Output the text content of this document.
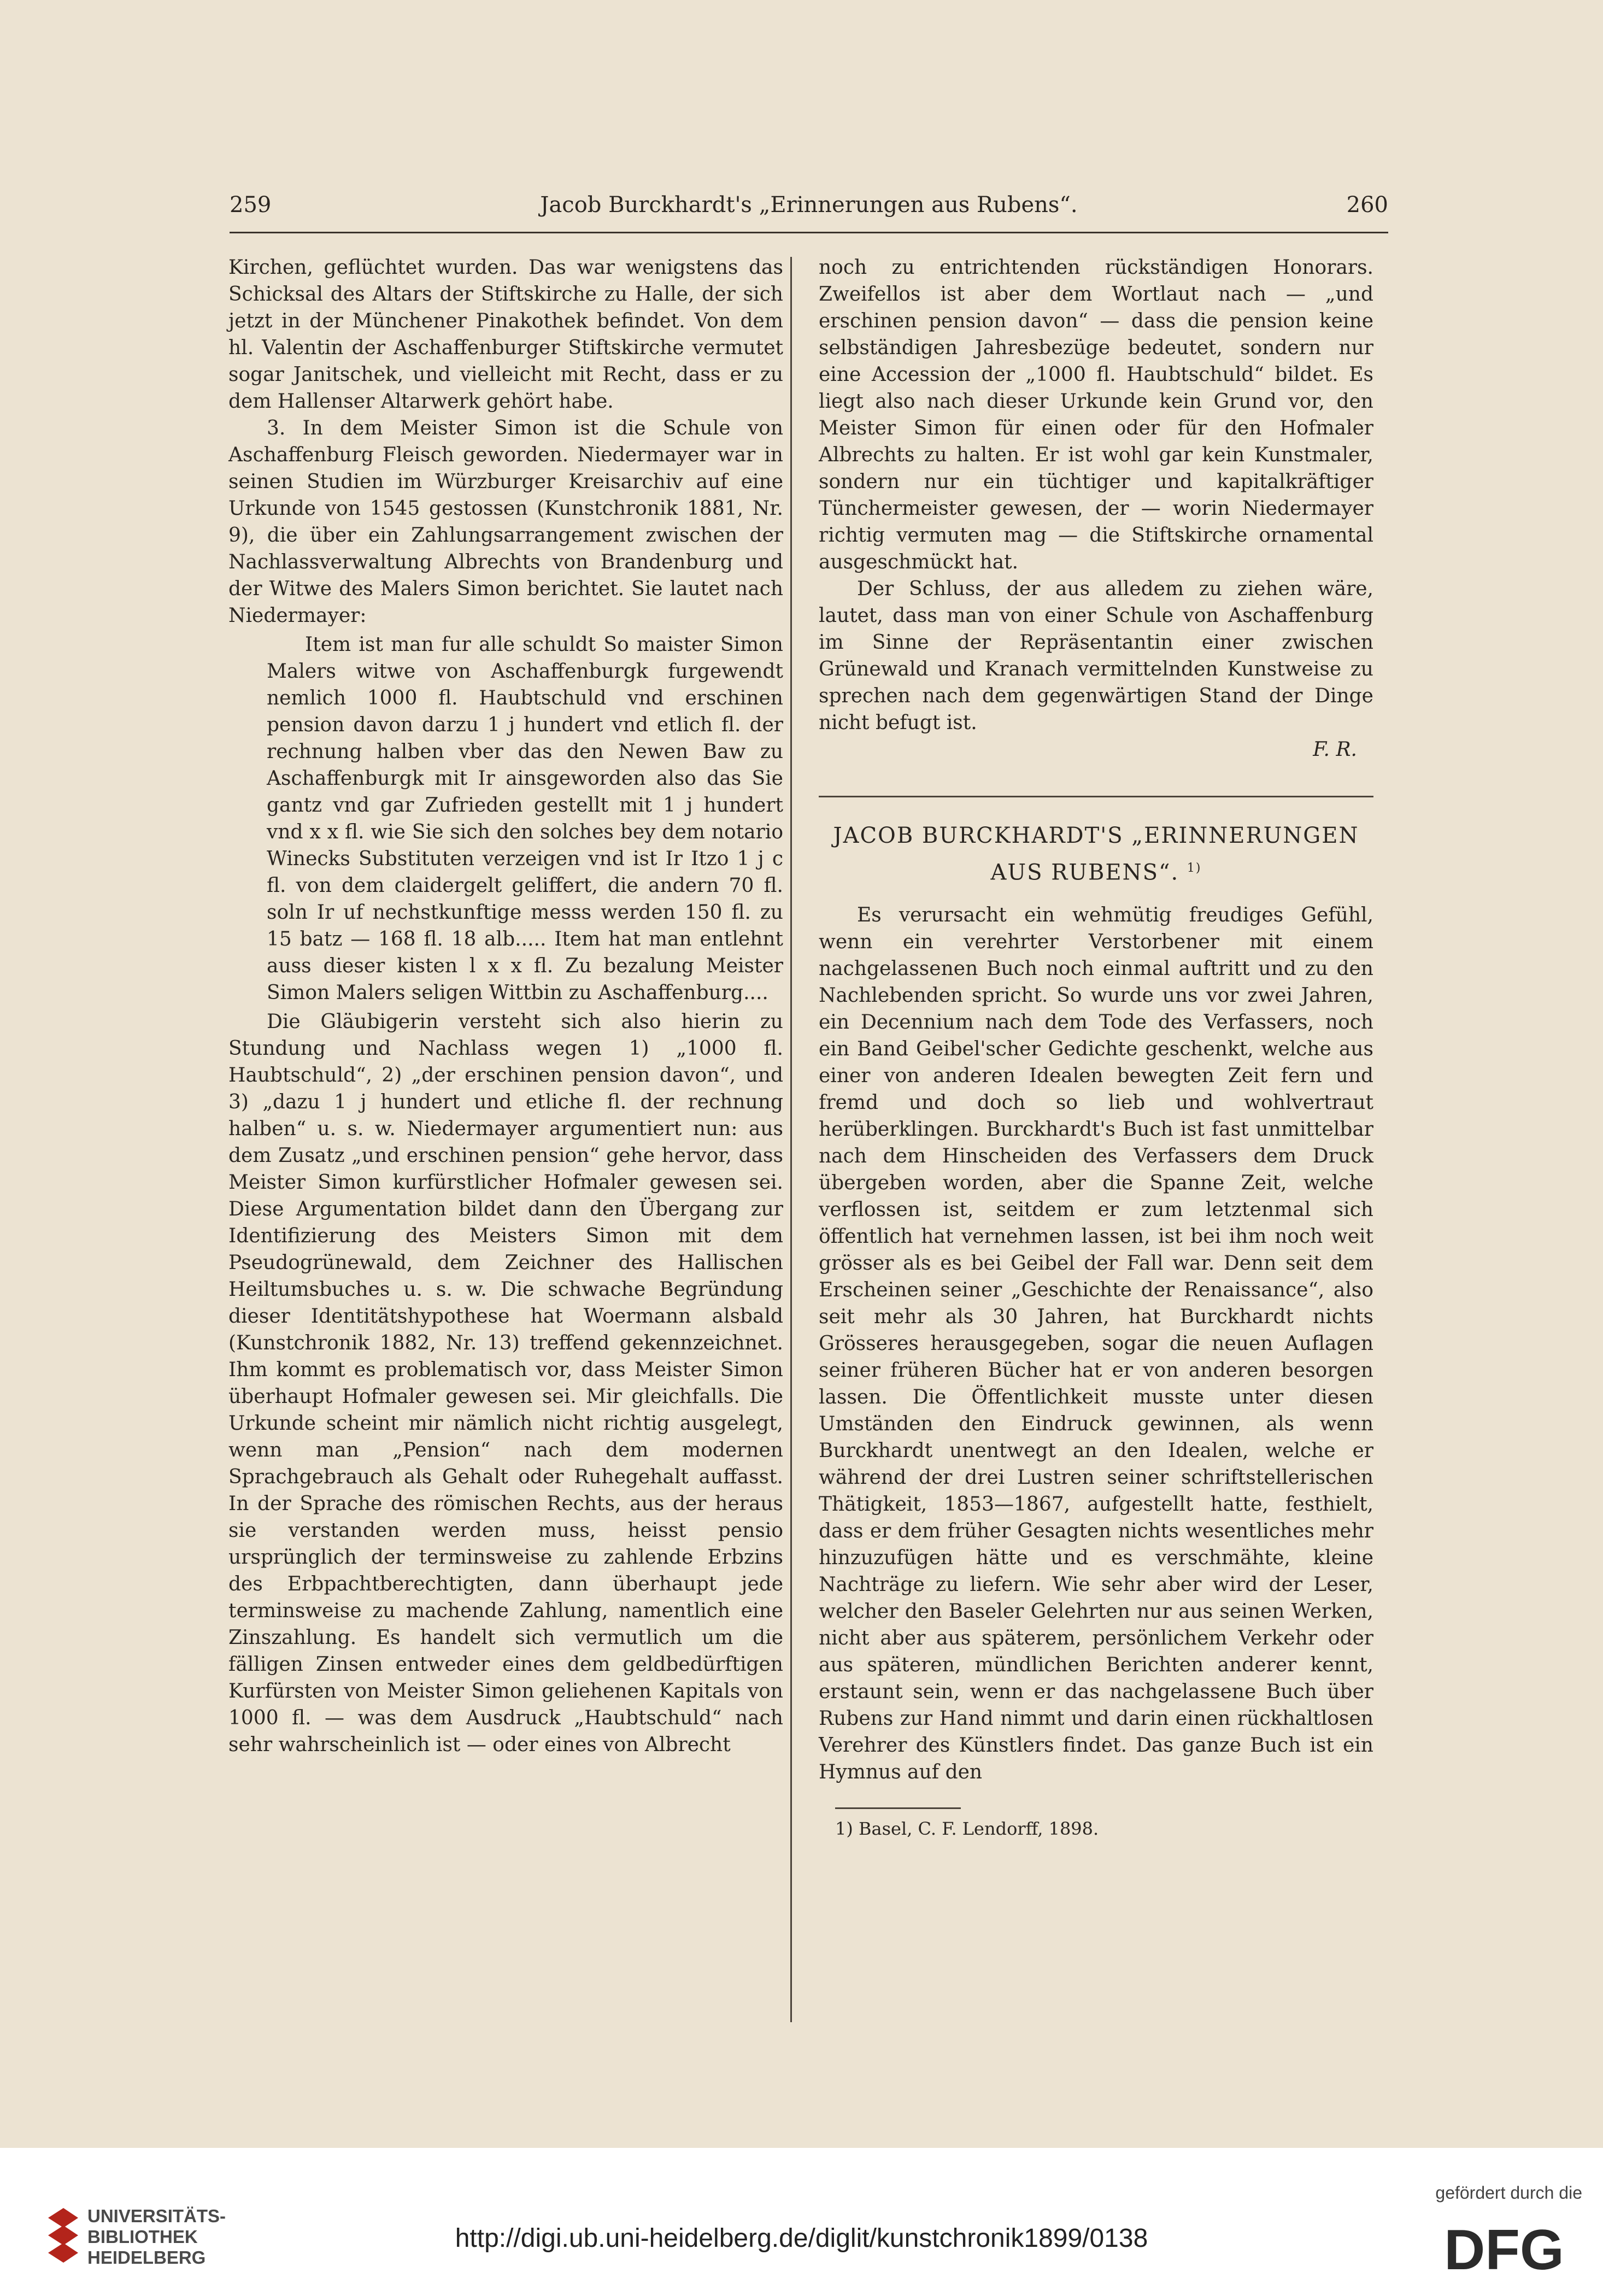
259	Jacob Burckhardt's „Erinnerungen aus Rubens“.	260

Kirchen, geflüchtet wurden. Das war wenigstens das Schicksal des Altars der Stiftskirche zu Halle, der sich jetzt in der Münchener Pinakothek befindet. Von dem hl. Valentin der Aschaffenburger Stiftskirche vermutet sogar Janitschek, und vielleicht mit Recht, dass er zu dem Hallenser Altarwerk gehört habe.

3. In dem Meister Simon ist die Schule von Aschaffenburg Fleisch geworden. Niedermayer war in seinen Studien im Würzburger Kreisarchiv auf eine Urkunde von 1545 gestossen (Kunstchronik 1881, Nr. 9), die über ein Zahlungsarrangement zwischen der Nachlassverwaltung Albrechts von Brandenburg und der Witwe des Malers Simon berichtet. Sie lautet nach Niedermayer:

Item ist man fur alle schuldt So maister Simon Malers witwe von Aschaffenburgk furgewendt nemlich 1000 fl. Haubtschuld vnd erschinen pension davon darzu 1 j hundert vnd etlich fl. der rechnung halben vber das den Newen Baw zu Aschaffenburgk mit Ir ainsgeworden also das Sie gantz vnd gar Zufrieden gestellt mit 1 j hundert vnd x x fl. wie Sie sich den solches bey dem notario Winecks Substituten verzeigen vnd ist Ir Itzo 1 j c fl. von dem claidergelt geliffert, die andern 70 fl. soln Ir uf nechstkunftige messs werden 150 fl. zu 15 batz — 168 fl. 18 alb..... Item hat man entlehnt auss dieser kisten l x x fl. Zu bezalung Meister Simon Malers seligen Wittbin zu Aschaffenburg....

Die Gläubigerin versteht sich also hierin zu Stundung und Nachlass wegen 1) „1000 fl. Haubtschuld“, 2) „der erschinen pension davon“, und 3) „dazu 1 j hundert und etliche fl. der rechnung halben“ u. s. w. Niedermayer argumentiert nun: aus dem Zusatz „und erschinen pension“ gehe hervor, dass Meister Simon kurfürstlicher Hofmaler gewesen sei. Diese Argumentation bildet dann den Übergang zur Identifizierung des Meisters Simon mit dem Pseudogrünewald, dem Zeichner des Hallischen Heiltumsbuches u. s. w. Die schwache Begründung dieser Identitätshypothese hat Woermann alsbald (Kunstchronik 1882, Nr. 13) treffend gekennzeichnet. Ihm kommt es problematisch vor, dass Meister Simon überhaupt Hofmaler gewesen sei. Mir gleichfalls. Die Urkunde scheint mir nämlich nicht richtig ausgelegt, wenn man „Pension“ nach dem modernen Sprachgebrauch als Gehalt oder Ruhegehalt auffasst. In der Sprache des römischen Rechts, aus der heraus sie verstanden werden muss, heisst pensio ursprünglich der terminsweise zu zahlende Erbzins des Erbpachtberechtigten, dann überhaupt jede terminsweise zu machende Zahlung, namentlich eine Zinszahlung. Es handelt sich vermutlich um die fälligen Zinsen entweder eines dem geldbedürftigen Kurfürsten von Meister Simon geliehenen Kapitals von 1000 fl. — was dem Ausdruck „Haubtschuld“ nach sehr wahrscheinlich ist — oder eines von Albrecht

noch zu entrichtenden rückständigen Honorars. Zweifellos ist aber dem Wortlaut nach — „und erschinen pension davon“ — dass die pension keine selbständigen Jahresbezüge bedeutet, sondern nur eine Accession der „1000 fl. Haubtschuld“ bildet. Es liegt also nach dieser Urkunde kein Grund vor, den Meister Simon für einen oder für den Hofmaler Albrechts zu halten. Er ist wohl gar kein Kunstmaler, sondern nur ein tüchtiger und kapitalkräftiger Tünchermeister gewesen, der — worin Niedermayer richtig vermuten mag — die Stiftskirche ornamental ausgeschmückt hat.

Der Schluss, der aus alledem zu ziehen wäre, lautet, dass man von einer Schule von Aschaffenburg im Sinne der Repräsentantin einer zwischen Grünewald und Kranach vermittelnden Kunstweise zu sprechen nach dem gegenwärtigen Stand der Dinge nicht befugt ist.

F. R.
JACOB BURCKHARDT'S „ERINNERUNGEN
AUS RUBENS“. $^{1)}$

Es verursacht ein wehmütig freudiges Gefühl, wenn ein verehrter Verstorbener mit einem nachgelassenen Buch noch einmal auftritt und zu den Nachlebenden spricht. So wurde uns vor zwei Jahren, ein Decennium nach dem Tode des Verfassers, noch ein Band Geibel'scher Gedichte geschenkt, welche aus einer von anderen Idealen bewegten Zeit fern und fremd und doch so lieb und wohlvertraut herüberklingen. Burckhardt's Buch ist fast unmittelbar nach dem Hinscheiden des Verfassers dem Druck übergeben worden, aber die Spanne Zeit, welche verflossen ist, seitdem er zum letztenmal sich öffentlich hat vernehmen lassen, ist bei ihm noch weit grösser als es bei Geibel der Fall war. Denn seit dem Erscheinen seiner „Geschichte der Renaissance“, also seit mehr als 30 Jahren, hat Burckhardt nichts Grösseres herausgegeben, sogar die neuen Auflagen seiner früheren Bücher hat er von anderen besorgen lassen. Die Öffentlichkeit musste unter diesen Umständen den Eindruck gewinnen, als wenn Burckhardt unentwegt an den Idealen, welche er während der drei Lustren seiner schriftstellerischen Thätigkeit, 1853—1867, aufgestellt hatte, festhielt, dass er dem früher Gesagten nichts wesentliches mehr hinzuzufügen hätte und es verschmähte, kleine Nachträge zu liefern. Wie sehr aber wird der Leser, welcher den Baseler Gelehrten nur aus seinen Werken, nicht aber aus späterem, persönlichem Verkehr oder aus späteren, mündlichen Berichten anderer kennt, erstaunt sein, wenn er das nachgelassene Buch über Rubens zur Hand nimmt und darin einen rückhaltlosen Verehrer des Künstlers findet. Das ganze Buch ist ein Hymnus auf den

1) Basel, C. F. Lendorff, 1898.
UNIVERSITÄTS-
BIBLIOTHEK
HEIDELBERG
http://digi.ub.uni-heidelberg.de/diglit/kunstchronik1899/0138
gefördert durch die
DFG
